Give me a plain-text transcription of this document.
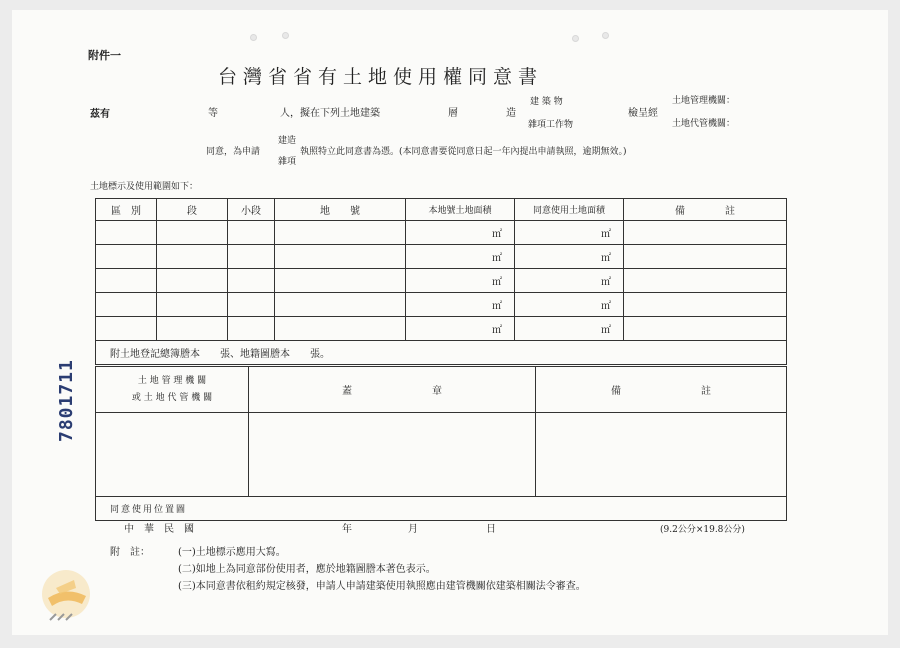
附件一
台灣省省有土地使用權同意書
茲有	等	人，擬在下列土地建築	層	造
建 築 物
雜項工作物
檢呈經
土地管理機關：
土地代管機關：
同意，為申請
建造
雜項
執照特立此同意書為憑。(本同意書要從同意日起一年內提出申請執照，逾期無效。)
土地標示及使用範圍如下：
區　別	段	小段	地　　號	本地號土地面積	同意使用土地面積	備　　　　註
				㎡	㎡	
				㎡	㎡	
				㎡	㎡	
				㎡	㎡	
				㎡	㎡	
附土地登記總簿謄本　　張、地籍圖謄本　　張。						
土 地 管 理 機 關
或 土 地 代 管 機 關	蓋　　　　　　　　章	備　　　　　　　　註

同意使用位置圖		
中　華　民　國	年	月	日	(9.2公分×19.8公分)
附　註：	(一)土地標示應用大寫。
(二)如地上為同意部份使用者，應於地籍圖謄本著色表示。
(三)本同意書依租約規定核發，申請人申請建築使用執照應由建管機關依建築相關法令審查。
7801711
